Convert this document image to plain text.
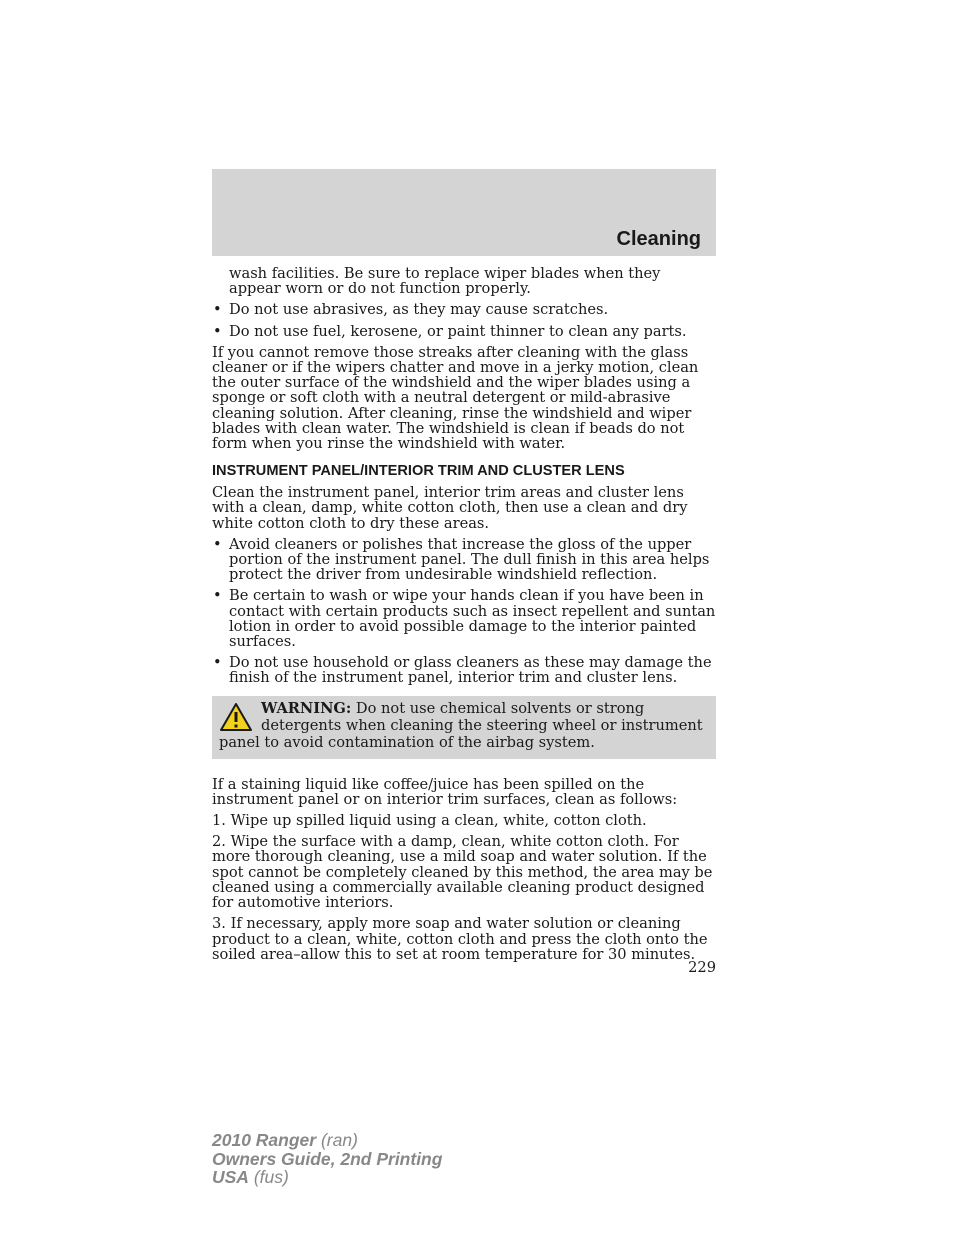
Cleaning

wash facilities. Be sure to replace wiper blades when they appear worn or do not function properly.

• Do not use abrasives, as they may cause scratches.
• Do not use fuel, kerosene, or paint thinner to clean any parts.

If you cannot remove those streaks after cleaning with the glass cleaner or if the wipers chatter and move in a jerky motion, clean the outer surface of the windshield and the wiper blades using a sponge or soft cloth with a neutral detergent or mild-abrasive cleaning solution. After cleaning, rinse the windshield and wiper blades with clean water. The windshield is clean if beads do not form when you rinse the windshield with water.

INSTRUMENT PANEL/INTERIOR TRIM AND CLUSTER LENS

Clean the instrument panel, interior trim areas and cluster lens with a clean, damp, white cotton cloth, then use a clean and dry white cotton cloth to dry these areas.

• Avoid cleaners or polishes that increase the gloss of the upper portion of the instrument panel. The dull finish in this area helps protect the driver from undesirable windshield reflection.
• Be certain to wash or wipe your hands clean if you have been in contact with certain products such as insect repellent and suntan lotion in order to avoid possible damage to the interior painted surfaces.
• Do not use household or glass cleaners as these may damage the finish of the instrument panel, interior trim and cluster lens.
WARNING: Do not use chemical solvents or strong detergents when cleaning the steering wheel or instrument panel to avoid contamination of the airbag system.

If a staining liquid like coffee/juice has been spilled on the instrument panel or on interior trim surfaces, clean as follows:

1. Wipe up spilled liquid using a clean, white, cotton cloth.

2. Wipe the surface with a damp, clean, white cotton cloth. For more thorough cleaning, use a mild soap and water solution. If the spot cannot be completely cleaned by this method, the area may be cleaned using a commercially available cleaning product designed for automotive interiors.

3. If necessary, apply more soap and water solution or cleaning product to a clean, white, cotton cloth and press the cloth onto the soiled area–allow this to set at room temperature for 30 minutes.

229
2010 Ranger (ran)
Owners Guide, 2nd Printing
USA (fus)
